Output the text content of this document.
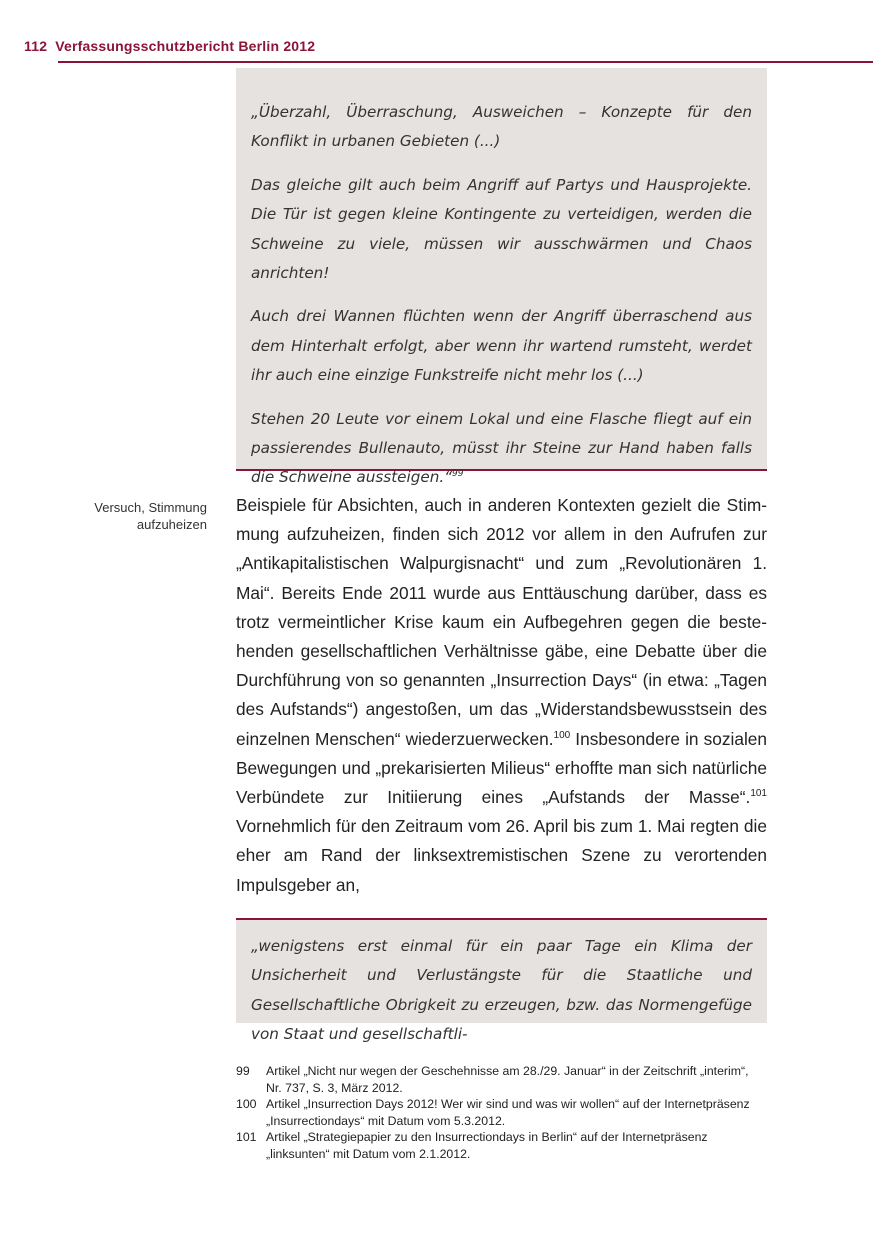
112 Verfassungsschutzbericht Berlin 2012

„Überzahl, Überraschung, Ausweichen – Konzepte für den Konflikt in urbanen Gebieten (...)

Das gleiche gilt auch beim Angriff auf Partys und Hausprojekte. Die Tür ist gegen kleine Kontingente zu verteidigen, werden die Schweine zu viele, müssen wir ausschwärmen und Chaos anrichten!

Auch drei Wannen flüchten wenn der Angriff überraschend aus dem Hinterhalt erfolgt, aber wenn ihr wartend rumsteht, werdet ihr auch eine einzige Funkstreife nicht mehr los (...)

Stehen 20 Leute vor einem Lokal und eine Flasche fliegt auf ein passierendes Bullenauto, müsst ihr Steine zur Hand haben falls die Schweine aussteigen.“$^{99}$

Versuch, Stimmung aufzuheizen

Beispiele für Absichten, auch in anderen Kontexten gezielt die Stimmung aufzuheizen, finden sich 2012 vor allem in den Aufrufen zur „Antikapitalistischen Walpurgisnacht“ und zum „Revolutionären 1. Mai“. Bereits Ende 2011 wurde aus Enttäuschung darüber, dass es trotz vermeintlicher Krise kaum ein Aufbegehren gegen die bestehenden gesellschaftlichen Verhältnisse gäbe, eine Debatte über die Durchführung von so genannten „Insurrection Days“ (in etwa: „Tagen des Aufstands“) angestoßen, um das „Widerstandsbewusstsein des einzelnen Menschen“ wiederzuerwecken.$^{100}$ Insbesondere in sozialen Bewegungen und „prekarisierten Milieus“ erhoffte man sich natürliche Verbündete zur Initiierung eines „Aufstands der Masse“.$^{101}$ Vornehmlich für den Zeitraum vom 26. April bis zum 1. Mai regten die eher am Rand der linksextremistischen Szene zu verortenden Impulsgeber an,

„wenigstens erst einmal für ein paar Tage ein Klima der Unsicherheit und Verlustängste für die Staatliche und Gesellschaftliche Obrigkeit zu erzeugen, bzw. das Normengefüge von Staat und gesellschaftli-

99	Artikel „Nicht nur wegen der Geschehnisse am 28./29. Januar“ in der Zeitschrift „interim“, Nr. 737, S. 3, März 2012.
100 Artikel „Insurrection Days 2012! Wer wir sind und was wir wollen“ auf der Internetpräsenz „Insurrectiondays“ mit Datum vom 5.3.2012.
101 Artikel „Strategiepapier zu den Insurrectiondays in Berlin“ auf der Internetpräsenz „linksunten“ mit Datum vom 2.1.2012.
